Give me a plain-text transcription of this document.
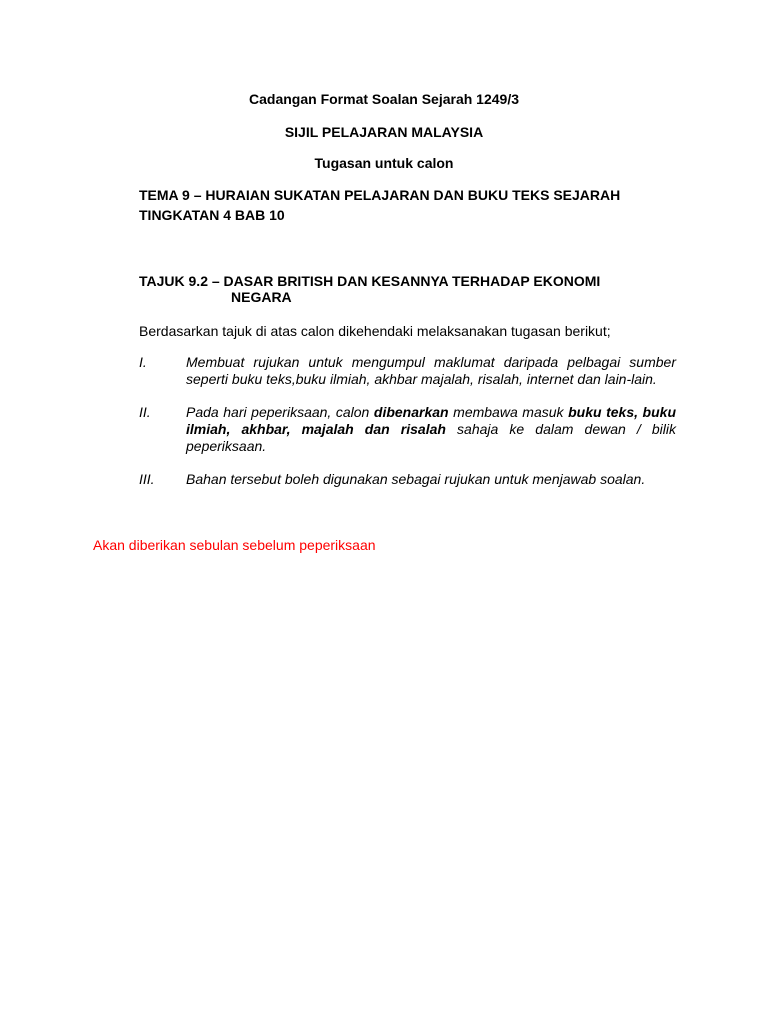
Cadangan Format Soalan Sejarah 1249/3
SIJIL PELAJARAN MALAYSIA
Tugasan untuk calon
TEMA 9 – HURAIAN SUKATAN PELAJARAN DAN BUKU TEKS SEJARAH
TINGKATAN 4 BAB 10
TAJUK 9.2 – DASAR BRITISH DAN KESANNYA TERHADAP EKONOMI
NEGARA
Berdasarkan tajuk di atas calon dikehendaki melaksanakan tugasan berikut;
I.	Membuat rujukan untuk mengumpul maklumat daripada pelbagai sumber seperti buku teks,buku ilmiah, akhbar majalah, risalah, internet dan lain-lain.
II.	Pada hari peperiksaan, calon dibenarkan membawa masuk buku teks, buku ilmiah, akhbar, majalah dan risalah sahaja ke dalam dewan / bilik peperiksaan.
III. Bahan tersebut boleh digunakan sebagai rujukan untuk menjawab soalan.
Akan diberikan sebulan sebelum peperiksaan
